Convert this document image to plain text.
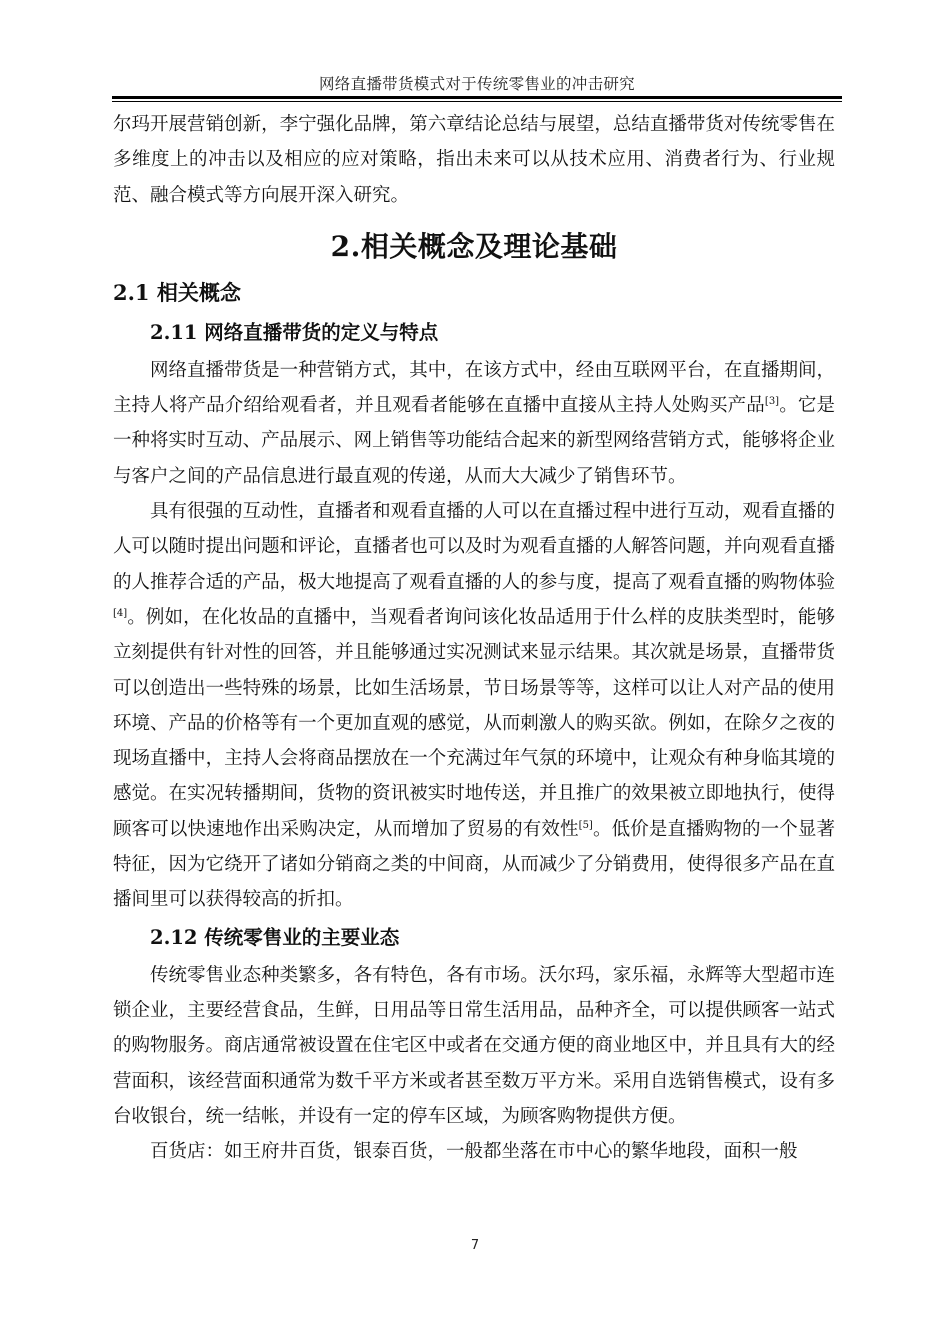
网络直播带货模式对于传统零售业的冲击研究

尔玛开展营销创新，李宁强化品牌，第六章结论总结与展望，总结直播带货对传统零售在多维度上的冲击以及相应的应对策略，指出未来可以从技术应用、消费者行为、行业规范、融合模式等方向展开深入研究。

2.相关概念及理论基础
2.1 相关概念
2.11 网络直播带货的定义与特点

网络直播带货是一种营销方式，其中，在该方式中，经由互联网平台，在直播期间，主持人将产品介绍给观看者，并且观看者能够在直播中直接从主持人处购买产品[3]。它是一种将实时互动、产品展示、网上销售等功能结合起来的新型网络营销方式，能够将企业与客户之间的产品信息进行最直观的传递，从而大大减少了销售环节。

具有很强的互动性，直播者和观看直播的人可以在直播过程中进行互动，观看直播的人可以随时提出问题和评论，直播者也可以及时为观看直播的人解答问题，并向观看直播的人推荐合适的产品，极大地提高了观看直播的人的参与度，提高了观看直播的购物体验[4]。例如，在化妆品的直播中，当观看者询问该化妆品适用于什么样的皮肤类型时，能够立刻提供有针对性的回答，并且能够通过实况测试来显示结果。其次就是场景，直播带货可以创造出一些特殊的场景，比如生活场景，节日场景等等，这样可以让人对产品的使用环境、产品的价格等有一个更加直观的感觉，从而刺激人的购买欲。例如，在除夕之夜的现场直播中，主持人会将商品摆放在一个充满过年气氛的环境中，让观众有种身临其境的感觉。在实况转播期间，货物的资讯被实时地传送，并且推广的效果被立即地执行，使得顾客可以快速地作出采购决定，从而增加了贸易的有效性[5]。低价是直播购物的一个显著特征，因为它绕开了诸如分销商之类的中间商，从而减少了分销费用，使得很多产品在直播间里可以获得较高的折扣。

2.12 传统零售业的主要业态

传统零售业态种类繁多，各有特色，各有市场。沃尔玛，家乐福，永辉等大型超市连锁企业，主要经营食品，生鲜，日用品等日常生活用品，品种齐全，可以提供顾客一站式的购物服务。商店通常被设置在住宅区中或者在交通方便的商业地区中，并且具有大的经营面积，该经营面积通常为数千平方米或者甚至数万平方米。采用自选销售模式，设有多台收银台，统一结帐，并设有一定的停车区域，为顾客购物提供方便。

百货店：如王府井百货，银泰百货，一般都坐落在市中心的繁华地段，面积一般

7
